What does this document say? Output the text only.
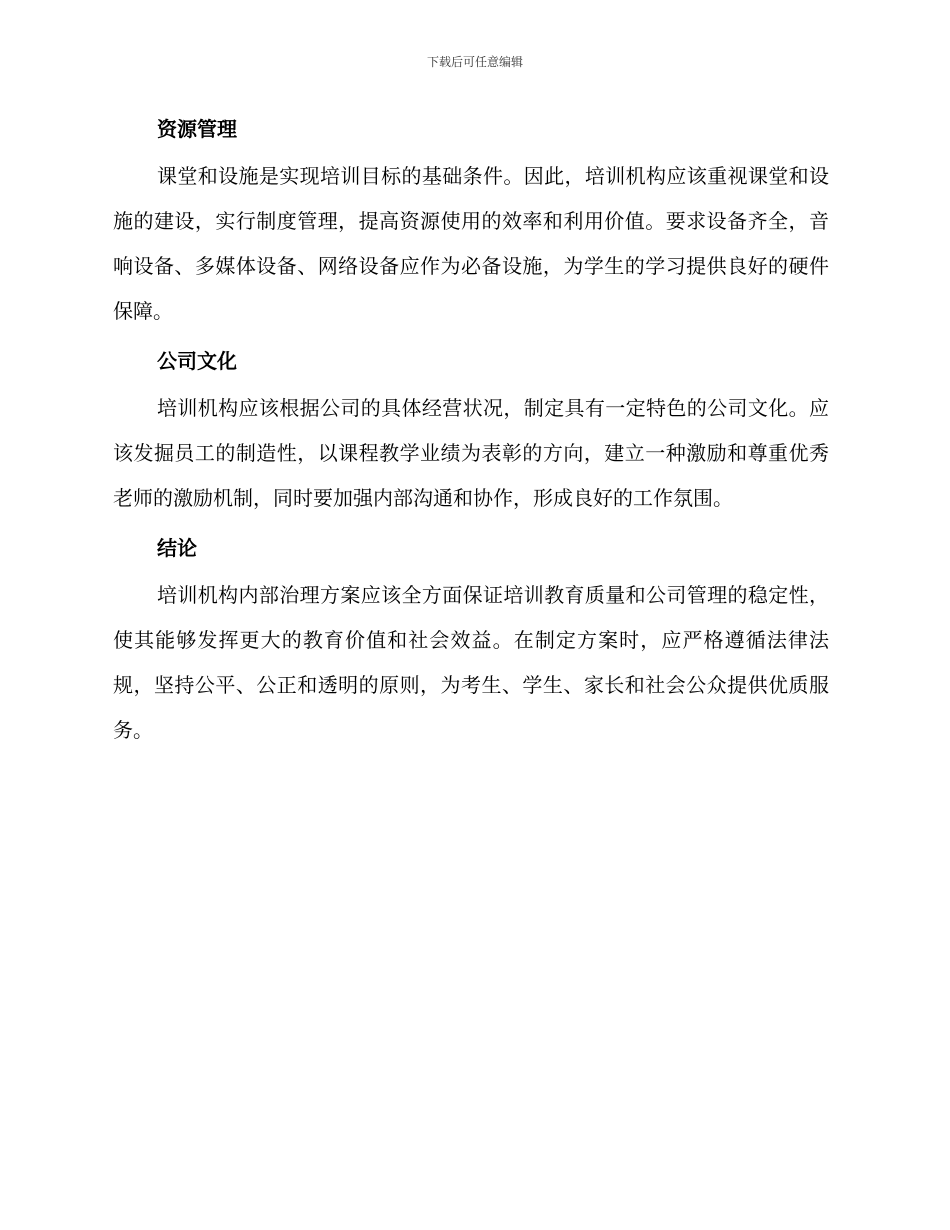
下载后可任意编辑
资源管理

课堂和设施是实现培训目标的基础条件。因此，培训机构应该重视课堂和设施的建设，实行制度管理，提高资源使用的效率和利用价值。要求设备齐全，音响设备、多媒体设备、网络设备应作为必备设施，为学生的学习提供良好的硬件保障。

公司文化

培训机构应该根据公司的具体经营状况，制定具有一定特色的公司文化。应该发掘员工的制造性，以课程教学业绩为表彰的方向，建立一种激励和尊重优秀老师的激励机制，同时要加强内部沟通和协作，形成良好的工作氛围。

结论

培训机构内部治理方案应该全方面保证培训教育质量和公司管理的稳定性，使其能够发挥更大的教育价值和社会效益。在制定方案时，应严格遵循法律法规，坚持公平、公正和透明的原则，为考生、学生、家长和社会公众提供优质服务。
